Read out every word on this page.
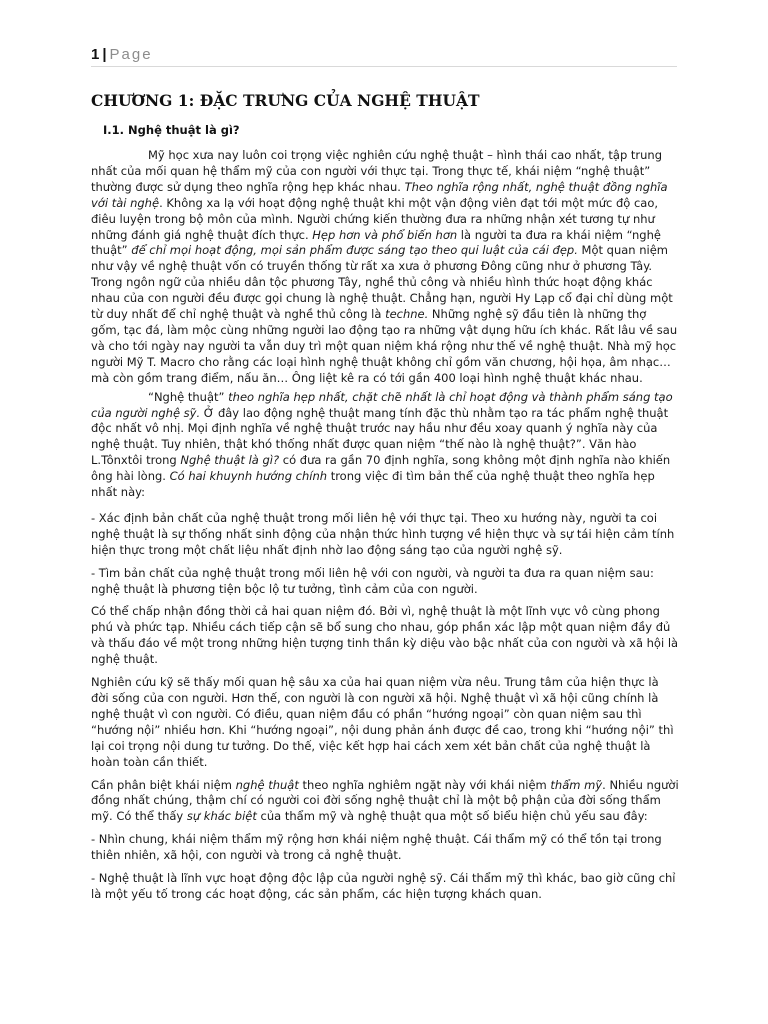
1 | Page
CHƯƠNG 1: ĐẶC TRƯNG CỦA NGHỆ THUẬT
I.1. Nghệ thuật là gì?

Mỹ học xưa nay luôn coi trọng việc nghiên cứu nghệ thuật – hình thái cao nhất, tập trung nhất của mối quan hệ thẩm mỹ của con người với thực tại. Trong thực tế, khái niệm “nghệ thuật” thường được sử dụng theo nghĩa rộng hẹp khác nhau. Theo nghĩa rộng nhất, nghệ thuật đồng nghĩa với tài nghệ. Không xa lạ với hoạt động nghệ thuật khi một vận động viên đạt tới một mức độ cao, điêu luyện trong bộ môn của mình. Người chứng kiến thường đưa ra những nhận xét tương tự như những đánh giá nghệ thuật đích thực. Hẹp hơn và phổ biến hơn là người ta đưa ra khái niệm “nghệ thuật” để chỉ mọi hoạt động, mọi sản phẩm được sáng tạo theo qui luật của cái đẹp. Một quan niệm như vậy về nghệ thuật vốn có truyền thống từ rất xa xưa ở phương Đông cũng như ở phương Tây. Trong ngôn ngữ của nhiều dân tộc phương Tây, nghề thủ công và nhiều hình thức hoạt động khác nhau của con người đều được gọi chung là nghệ thuật. Chẳng hạn, người Hy Lạp cổ đại chỉ dùng một từ duy nhất để chỉ nghệ thuật và nghề thủ công là techne. Những nghệ sỹ đầu tiên là những thợ gốm, tạc đá, làm mộc cùng những người lao động tạo ra những vật dụng hữu ích khác. Rất lâu về sau và cho tới ngày nay người ta vẫn duy trì một quan niệm khá rộng như thế về nghệ thuật. Nhà mỹ học người Mỹ T. Macro cho rằng các loại hình nghệ thuật không chỉ gồm văn chương, hội họa, âm nhạc… mà còn gồm trang điểm, nấu ăn… Ông liệt kê ra có tới gần 400 loại hình nghệ thuật khác nhau.

“Nghệ thuật” theo nghĩa hẹp nhất, chặt chẽ nhất là chỉ hoạt động và thành phẩm sáng tạo của người nghệ sỹ. Ở đây lao động nghệ thuật mang tính đặc thù nhằm tạo ra tác phẩm nghệ thuật độc nhất vô nhị. Mọi định nghĩa về nghệ thuật trước nay hầu như đều xoay quanh ý nghĩa này của nghệ thuật. Tuy nhiên, thật khó thống nhất được quan niệm “thế nào là nghệ thuật?”. Văn hào L.Tônxtôi trong Nghệ thuật là gì? có đưa ra gần 70 định nghĩa, song không một định nghĩa nào khiến ông hài lòng. Có hai khuynh hướng chính trong việc đi tìm bản thể của nghệ thuật theo nghĩa hẹp nhất này:

- Xác định bản chất của nghệ thuật trong mối liên hệ với thực tại. Theo xu hướng này, người ta coi nghệ thuật là sự thống nhất sinh động của nhận thức hình tượng về hiện thực và sự tái hiện cảm tính hiện thực trong một chất liệu nhất định nhờ lao động sáng tạo của người nghệ sỹ.

- Tìm bản chất của nghệ thuật trong mối liên hệ với con người, và người ta đưa ra quan niệm sau: nghệ thuật là phương tiện bộc lộ tư tưởng, tình cảm của con người.

Có thể chấp nhận đồng thời cả hai quan niệm đó. Bởi vì, nghệ thuật là một lĩnh vực vô cùng phong phú và phức tạp. Nhiều cách tiếp cận sẽ bổ sung cho nhau, góp phần xác lập một quan niệm đầy đủ và thấu đáo về một trong những hiện tượng tinh thần kỳ diệu vào bậc nhất của con người và xã hội là nghệ thuật.

Nghiên cứu kỹ sẽ thấy mối quan hệ sâu xa của hai quan niệm vừa nêu. Trung tâm của hiện thực là đời sống của con người. Hơn thế, con người là con người xã hội. Nghệ thuật vì xã hội cũng chính là nghệ thuật vì con người. Có điều, quan niệm đầu có phần “hướng ngoại” còn quan niệm sau thì “hướng nội” nhiều hơn. Khi “hướng ngoại”, nội dung phản ánh được đề cao, trong khi “hướng nội” thì lại coi trọng nội dung tư tưởng. Do thế, việc kết hợp hai cách xem xét bản chất của nghệ thuật là hoàn toàn cần thiết.

Cần phân biệt khái niệm nghệ thuật theo nghĩa nghiêm ngặt này với khái niệm thẩm mỹ. Nhiều người đồng nhất chúng, thậm chí có người coi đời sống nghệ thuật chỉ là một bộ phận của đời sống thẩm mỹ. Có thể thấy sự khác biệt của thẩm mỹ và nghệ thuật qua một số biểu hiện chủ yếu sau đây:

- Nhìn chung, khái niệm thẩm mỹ rộng hơn khái niệm nghệ thuật. Cái thẩm mỹ có thể tồn tại trong thiên nhiên, xã hội, con người và trong cả nghệ thuật.

- Nghệ thuật là lĩnh vực hoạt động độc lập của người nghệ sỹ. Cái thẩm mỹ thì khác, bao giờ cũng chỉ là một yếu tố trong các hoạt động, các sản phẩm, các hiện tượng khách quan.
